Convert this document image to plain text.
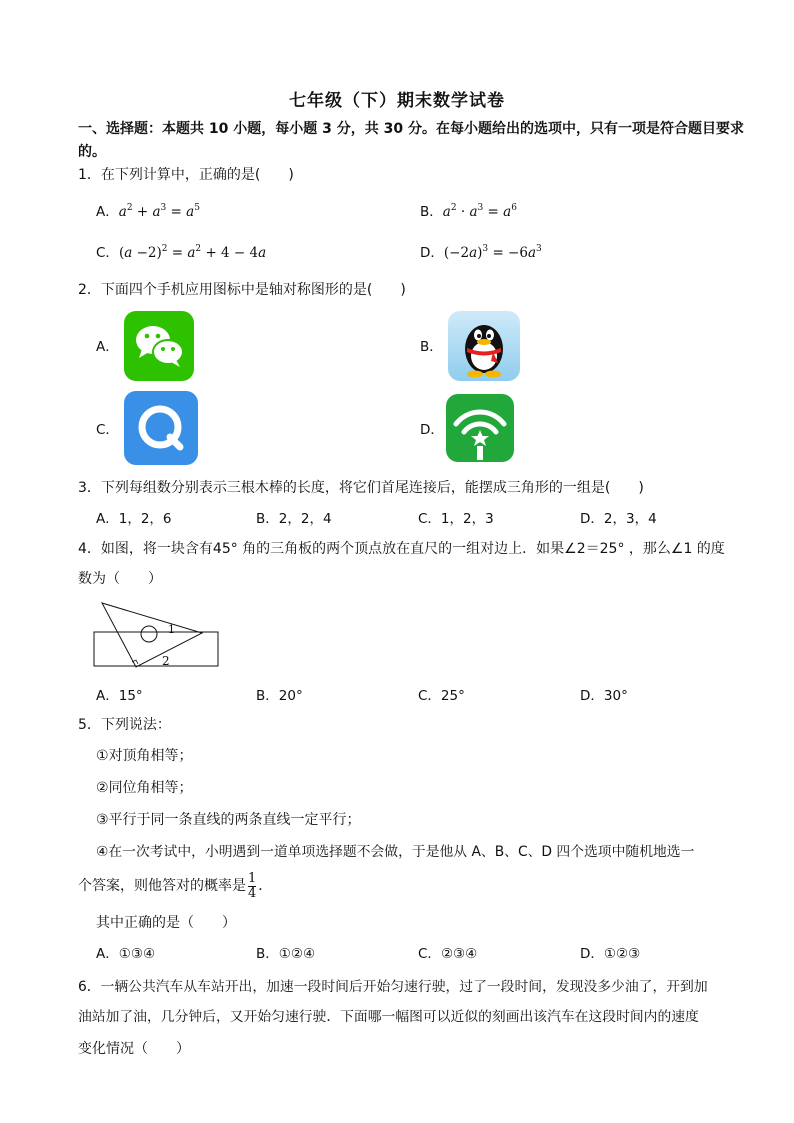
七年级（下）期末数学试卷
一、选择题：本题共 10 小题，每小题 3 分，共 30 分。在每小题给出的选项中，只有一项是符合题目要求的。
1．在下列计算中，正确的是(　　)
A．$a^2 + a^3 = a^5$	B．$a^2 \cdot a^3 = a^6$
C．$(a -2)^2 = a^2 + 4 - 4a$	D．$(-2a)^3 = -6a^3$
2．下面四个手机应用图标中是轴对称图形的是(　　)
A．	B．
C．	D．
3．下列每组数分别表示三根木棒的长度，将它们首尾连接后，能摆成三角形的一组是(　　)
A．1，2，6	B．2，2，4	C．1，2，3	D．2，3，4
4．如图，将一块含有45° 角的三角板的两个顶点放在直尺的一组对边上．如果∠2＝25° ，那么∠1 的度
数为（　　）
1
2
A．15°	B．20°	C．25°	D．30°
5．下列说法：
①对顶角相等；
②同位角相等；
③平行于同一条直线的两条直线一定平行；
④在一次考试中，小明遇到一道单项选择题不会做，于是他从 A、B、C、D 四个选项中随机地选一
个答案，则他答对的概率是 $\frac{1}{4}$ ．
其中正确的是（　　）
A．①③④	B．①②④	C．②③④	D．①②③
6．一辆公共汽车从车站开出，加速一段时间后开始匀速行驶，过了一段时间，发现没多少油了，开到加
油站加了油，几分钟后，又开始匀速行驶．下面哪一幅图可以近似的刻画出该汽车在这段时间内的速度
变化情况（　　）
